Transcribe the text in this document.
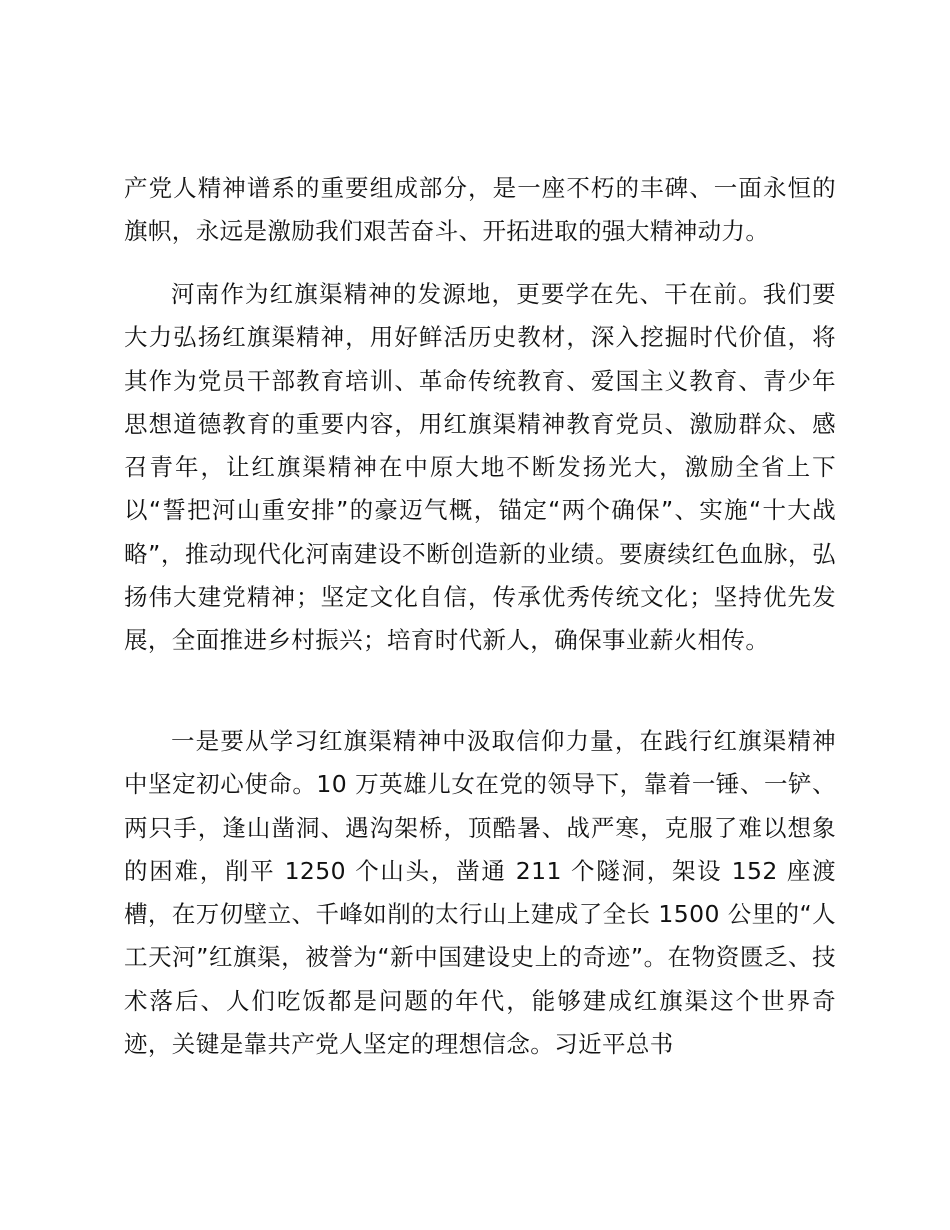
产党人精神谱系的重要组成部分，是一座不朽的丰碑、一面永恒的旗帜，永远是激励我们艰苦奋斗、开拓进取的强大精神动力。

河南作为红旗渠精神的发源地，更要学在先、干在前。我们要大力弘扬红旗渠精神，用好鲜活历史教材，深入挖掘时代价值，将其作为党员干部教育培训、革命传统教育、爱国主义教育、青少年思想道德教育的重要内容，用红旗渠精神教育党员、激励群众、感召青年，让红旗渠精神在中原大地不断发扬光大，激励全省上下以“誓把河山重安排”的豪迈气概，锚定“两个确保”、实施“十大战略”，推动现代化河南建设不断创造新的业绩。要赓续红色血脉，弘扬伟大建党精神；坚定文化自信，传承优秀传统文化；坚持优先发展，全面推进乡村振兴；培育时代新人，确保事业薪火相传。

一是要从学习红旗渠精神中汲取信仰力量，在践行红旗渠精神中坚定初心使命。10 万英雄儿女在党的领导下，靠着一锤、一铲、两只手，逢山凿洞、遇沟架桥，顶酷暑、战严寒，克服了难以想象的困难，削平 1250 个山头，凿通 211 个隧洞，架设 152 座渡槽，在万仞壁立、千峰如削的太行山上建成了全长 1500 公里的“人工天河”红旗渠，被誉为“新中国建设史上的奇迹”。在物资匮乏、技术落后、人们吃饭都是问题的年代，能够建成红旗渠这个世界奇迹，关键是靠共产党人坚定的理想信念。习近平总书
